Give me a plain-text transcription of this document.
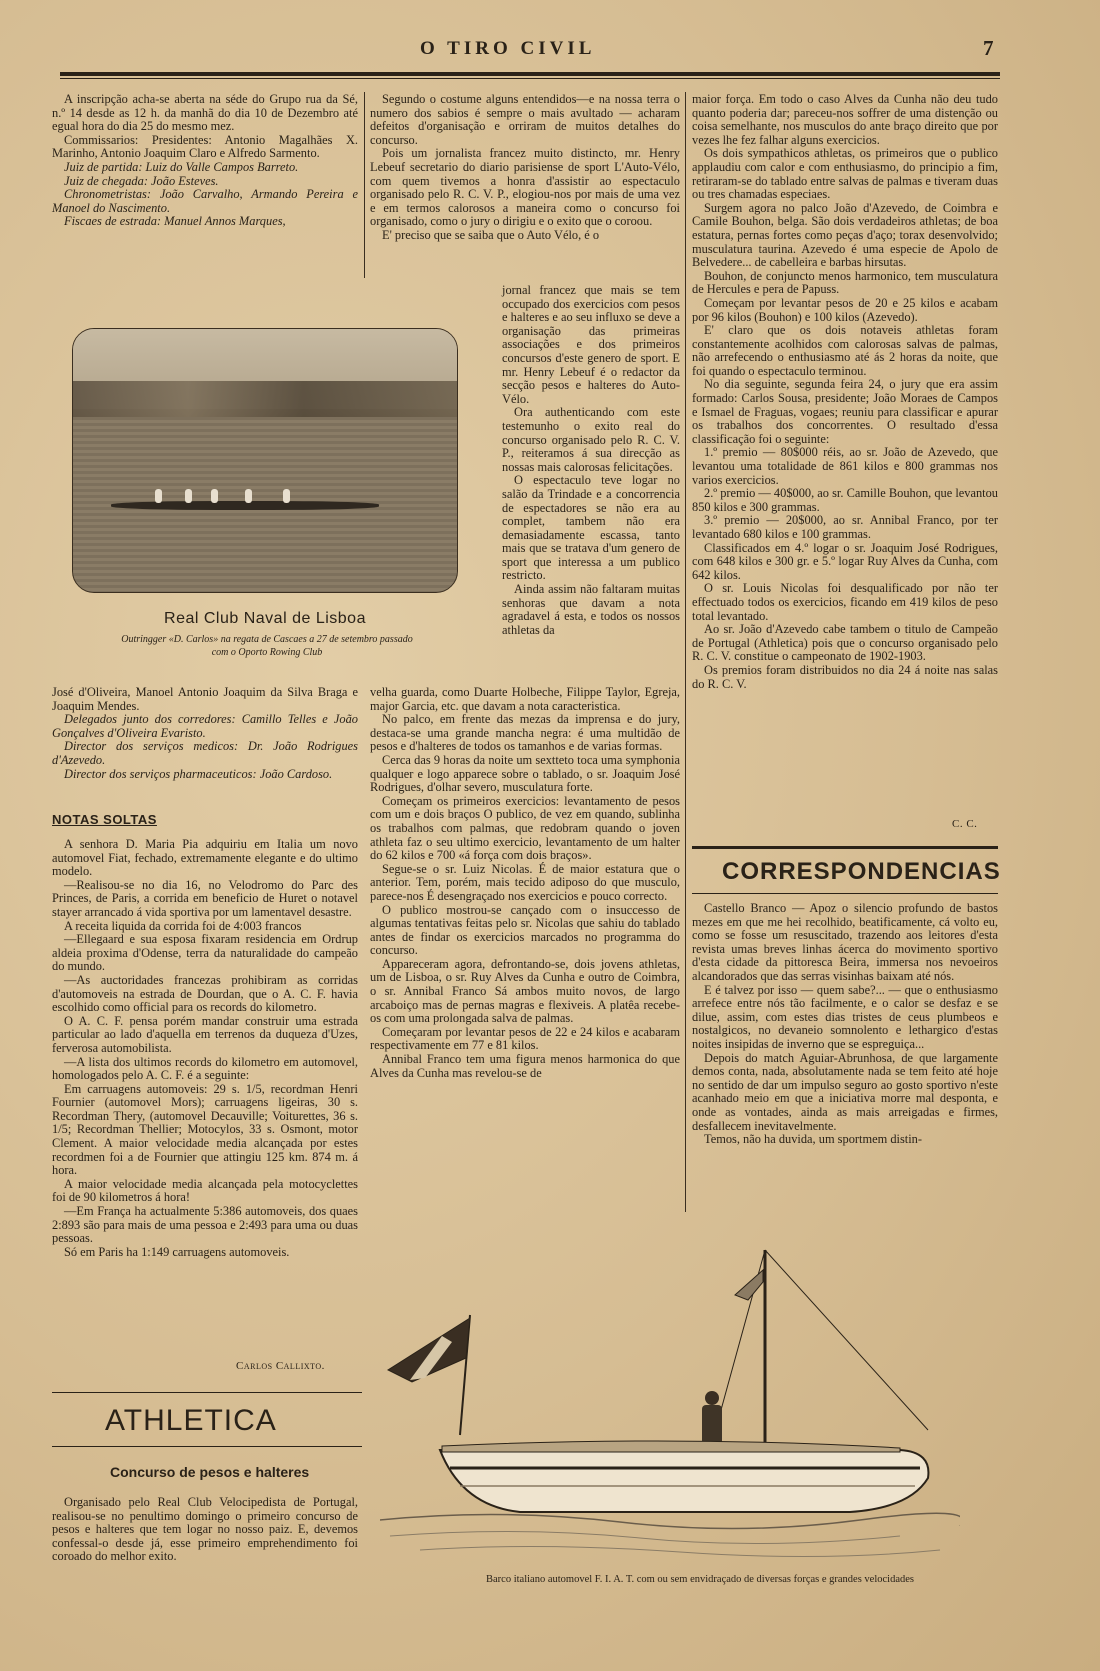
O TIRO CIVIL	7

A inscripção acha-se aberta na séde do Grupo rua da Sé, n.º 14 desde as 12 h. da manhã do dia 10 de Dezembro até egual hora do dia 25 do mesmo mez.

Commissarios: Presidentes: Antonio Magalhães X. Marinho, Antonio Joaquim Claro e Alfredo Sarmento.

Juiz de partida: Luiz do Valle Campos Barreto.

Juiz de chegada: João Esteves.

Chronometristas: João Carvalho, Armando Pereira e Manoel do Nascimento.

Fiscaes de estrada: Manuel Annos Marques,

Real Club Naval de Lisboa
Outringger «D. Carlos» na regata de Cascaes a 27 de setembro passado
com o Oporto Rowing Club

José d'Oliveira, Manoel Antonio Joaquim da Silva Braga e Joaquim Mendes.

Delegados junto dos corredores: Camillo Telles e João Gonçalves d'Oliveira Evaristo.

Director dos serviços medicos: Dr. João Rodrigues d'Azevedo.

Director dos serviços pharmaceuticos: João Cardoso.

NOTAS SOLTAS

A senhora D. Maria Pia adquiriu em Italia um novo automovel Fiat, fechado, extremamente elegante e do ultimo modelo.

—Realisou-se no dia 16, no Velodromo do Parc des Princes, de Paris, a corrida em beneficio de Huret o notavel stayer arrancado á vida sportiva por um lamentavel desastre.

A receita liquida da corrida foi de 4:003 francos

—Ellegaard e sua esposa fixaram residencia em Ordrup aldeia proxima d'Odense, terra da naturalidade do campeão do mundo.

—As auctoridades francezas prohibiram as corridas d'automoveis na estrada de Dourdan, que o A. C. F. havia escolhido como official para os records do kilometro.

O A. C. F. pensa porém mandar construir uma estrada particular ao lado d'aquella em terrenos da duqueza d'Uzes, ferverosa automobilista.

—A lista dos ultimos records do kilometro em automovel, homologados pelo A. C. F. é a seguinte:

Em carruagens automoveis: 29 s. 1/5, recordman Henri Fournier (automovel Mors); carruagens ligeiras, 30 s. Recordman Thery, (automovel Decauville; Voiturettes, 36 s. 1/5; Recordman Thellier; Motocylos, 33 s. Osmont, motor Clement. A maior velocidade media alcançada por estes recordmen foi a de Fournier que attingiu 125 km. 874 m. á hora.

A maior velocidade media alcançada pela motocyclettes foi de 90 kilometros á hora!

—Em França ha actualmente 5:386 automoveis, dos quaes 2:893 são para mais de uma pessoa e 2:493 para uma ou duas pessoas.

Só em Paris ha 1:149 carruagens automoveis.

Carlos Callixto.
ATHLETICA
Concurso de pesos e halteres

Organisado pelo Real Club Velocipedista de Portugal, realisou-se no penultimo domingo o primeiro concurso de pesos e halteres que tem logar no nosso paiz. E, devemos confessal-o desde já, esse primeiro emprehendimento foi coroado do melhor exito.

Segundo o costume alguns entendidos—e na nossa terra o numero dos sabios é sempre o mais avultado — acharam defeitos d'organisação e orriram de muitos detalhes do concurso.

Pois um jornalista francez muito distincto, mr. Henry Lebeuf secretario do diario parisiense de sport L'Auto-Vélo, com quem tivemos a honra d'assistir ao espectaculo organisado pelo R. C. V. P., elogiou-nos por mais de uma vez e em termos calorosos a maneira como o concurso foi organisado, como o jury o dirigiu e o exito que o coroou.

E' preciso que se saiba que o Auto Vélo, é o

jornal francez que mais se tem occupado dos exercicios com pesos e halteres e ao seu influxo se deve a organisação das primeiras associações e dos primeiros concursos d'este genero de sport. E mr. Henry Lebeuf é o redactor da secção pesos e halteres do Auto-Vélo.

Ora authenticando com este testemunho o exito real do concurso organisado pelo R. C. V. P., reiteramos á sua direcção as nossas mais calorosas felicitações.

O espectaculo teve logar no salão da Trindade e a concorrencia de espectadores se não era au complet, tambem não era demasiadamente escassa, tanto mais que se tratava d'um genero de sport que interessa a um publico restricto.

Ainda assim não faltaram muitas senhoras que davam a nota agradavel á esta, e todos os nossos athletas da

velha guarda, como Duarte Holbeche, Filippe Taylor, Egreja, major Garcia, etc. que davam a nota caracteristica.

No palco, em frente das mezas da imprensa e do jury, destaca-se uma grande mancha negra: é uma multidão de pesos e d'halteres de todos os tamanhos e de varias formas.

Cerca das 9 horas da noite um sextteto toca uma symphonia qualquer e logo apparece sobre o tablado, o sr. Joaquim José Rodrigues, d'olhar severo, musculatura forte.

Começam os primeiros exercicios: levantamento de pesos com um e dois braços O publico, de vez em quando, sublinha os trabalhos com palmas, que redobram quando o joven athleta faz o seu ultimo exercicio, levantamento de um halter do 62 kilos e 700 «á força com dois braços».

Segue-se o sr. Luiz Nicolas. É de maior estatura que o anterior. Tem, porém, mais tecido adiposo do que musculo, parece-nos É desengraçado nos exercicios e pouco correcto.

O publico mostrou-se cançado com o insuccesso de algumas tentativas feitas pelo sr. Nicolas que sahiu do tablado antes de findar os exercicios marcados no programma do concurso.

Appareceram agora, defrontando-se, dois jovens athletas, um de Lisboa, o sr. Ruy Alves da Cunha e outro de Coimbra, o sr. Annibal Franco Sá ambos muito novos, de largo arcaboiço mas de pernas magras e flexiveis. A platêa recebe-os com uma prolongada salva de palmas.

Começaram por levantar pesos de 22 e 24 kilos e acabaram respectivamente em 77 e 81 kilos.

Annibal Franco tem uma figura menos harmonica do que Alves da Cunha mas revelou-se de

maior força. Em todo o caso Alves da Cunha não deu tudo quanto poderia dar; pareceu-nos soffrer de uma distenção ou coisa semelhante, nos musculos do ante braço direito que por vezes lhe fez falhar alguns exercicios.

Os dois sympathicos athletas, os primeiros que o publico applaudiu com calor e com enthusiasmo, do principio a fim, retiraram-se do tablado entre salvas de palmas e tiveram duas ou tres chamadas especiaes.

Surgem agora no palco João d'Azevedo, de Coimbra e Camile Bouhon, belga. São dois verdadeiros athletas; de boa estatura, pernas fortes como peças d'aço; torax desenvolvido; musculatura taurina. Azevedo é uma especie de Apolo de Belvedere... de cabelleira e barbas hirsutas.

Bouhon, de conjuncto menos harmonico, tem musculatura de Hercules e pera de Papuss.

Começam por levantar pesos de 20 e 25 kilos e acabam por 96 kilos (Bouhon) e 100 kilos (Azevedo).

E' claro que os dois notaveis athletas foram constantemente acolhidos com calorosas salvas de palmas, não arrefecendo o enthusiasmo até ás 2 horas da noite, que foi quando o espectaculo terminou.

No dia seguinte, segunda feira 24, o jury que era assim formado: Carlos Sousa, presidente; João Moraes de Campos e Ismael de Fraguas, vogaes; reuniu para classificar e apurar os trabalhos dos concorrentes. O resultado d'essa classificação foi o seguinte:

1.º premio — 80$000 réis, ao sr. João de Azevedo, que levantou uma totalidade de 861 kilos e 800 grammas nos varios exercicios.

2.º premio — 40$000, ao sr. Camille Bouhon, que levantou 850 kilos e 300 grammas.

3.º premio — 20$000, ao sr. Annibal Franco, por ter levantado 680 kilos e 100 grammas.

Classificados em 4.º logar o sr. Joaquim José Rodrigues, com 648 kilos e 300 gr. e 5.º logar Ruy Alves da Cunha, com 642 kilos.

O sr. Louis Nicolas foi desqualificado por não ter effectuado todos os exercicios, ficando em 419 kilos de peso total levantado.

Ao sr. João d'Azevedo cabe tambem o titulo de Campeão de Portugal (Athletica) pois que o concurso organisado pelo R. C. V. constitue o campeonato de 1902-1903.

Os premios foram distribuidos no dia 24 á noite nas salas do R. C. V.

C. C.
CORRESPONDENCIAS

Castello Branco — Apoz o silencio profundo de bastos mezes em que me hei recolhido, beatificamente, cá volto eu, como se fosse um resuscitado, trazendo aos leitores d'esta revista umas breves linhas ácerca do movimento sportivo d'esta cidade da pittoresca Beira, immersa nos nevoeiros alcandorados que das serras visinhas baixam até nós.

E é talvez por isso — quem sabe?... — que o enthusiasmo arrefece entre nós tão facilmente, e o calor se desfaz e se dilue, assim, com estes dias tristes de ceus plumbeos e nostalgicos, no devaneio somnolento e lethargico d'estas noites insipidas de inverno que se espreguiça...

Depois do match Aguiar-Abrunhosa, de que largamente demos conta, nada, absolutamente nada se tem feito até hoje no sentido de dar um impulso seguro ao gosto sportivo n'este acanhado meio em que a iniciativa morre mal desponta, e onde as vontades, ainda as mais arreigadas e firmes, desfallecem inevitavelmente.

Temos, não ha duvida, um sportmem distin-

Barco italiano automovel F. I. A. T. com ou sem envidraçado de diversas forças e grandes velocidades
